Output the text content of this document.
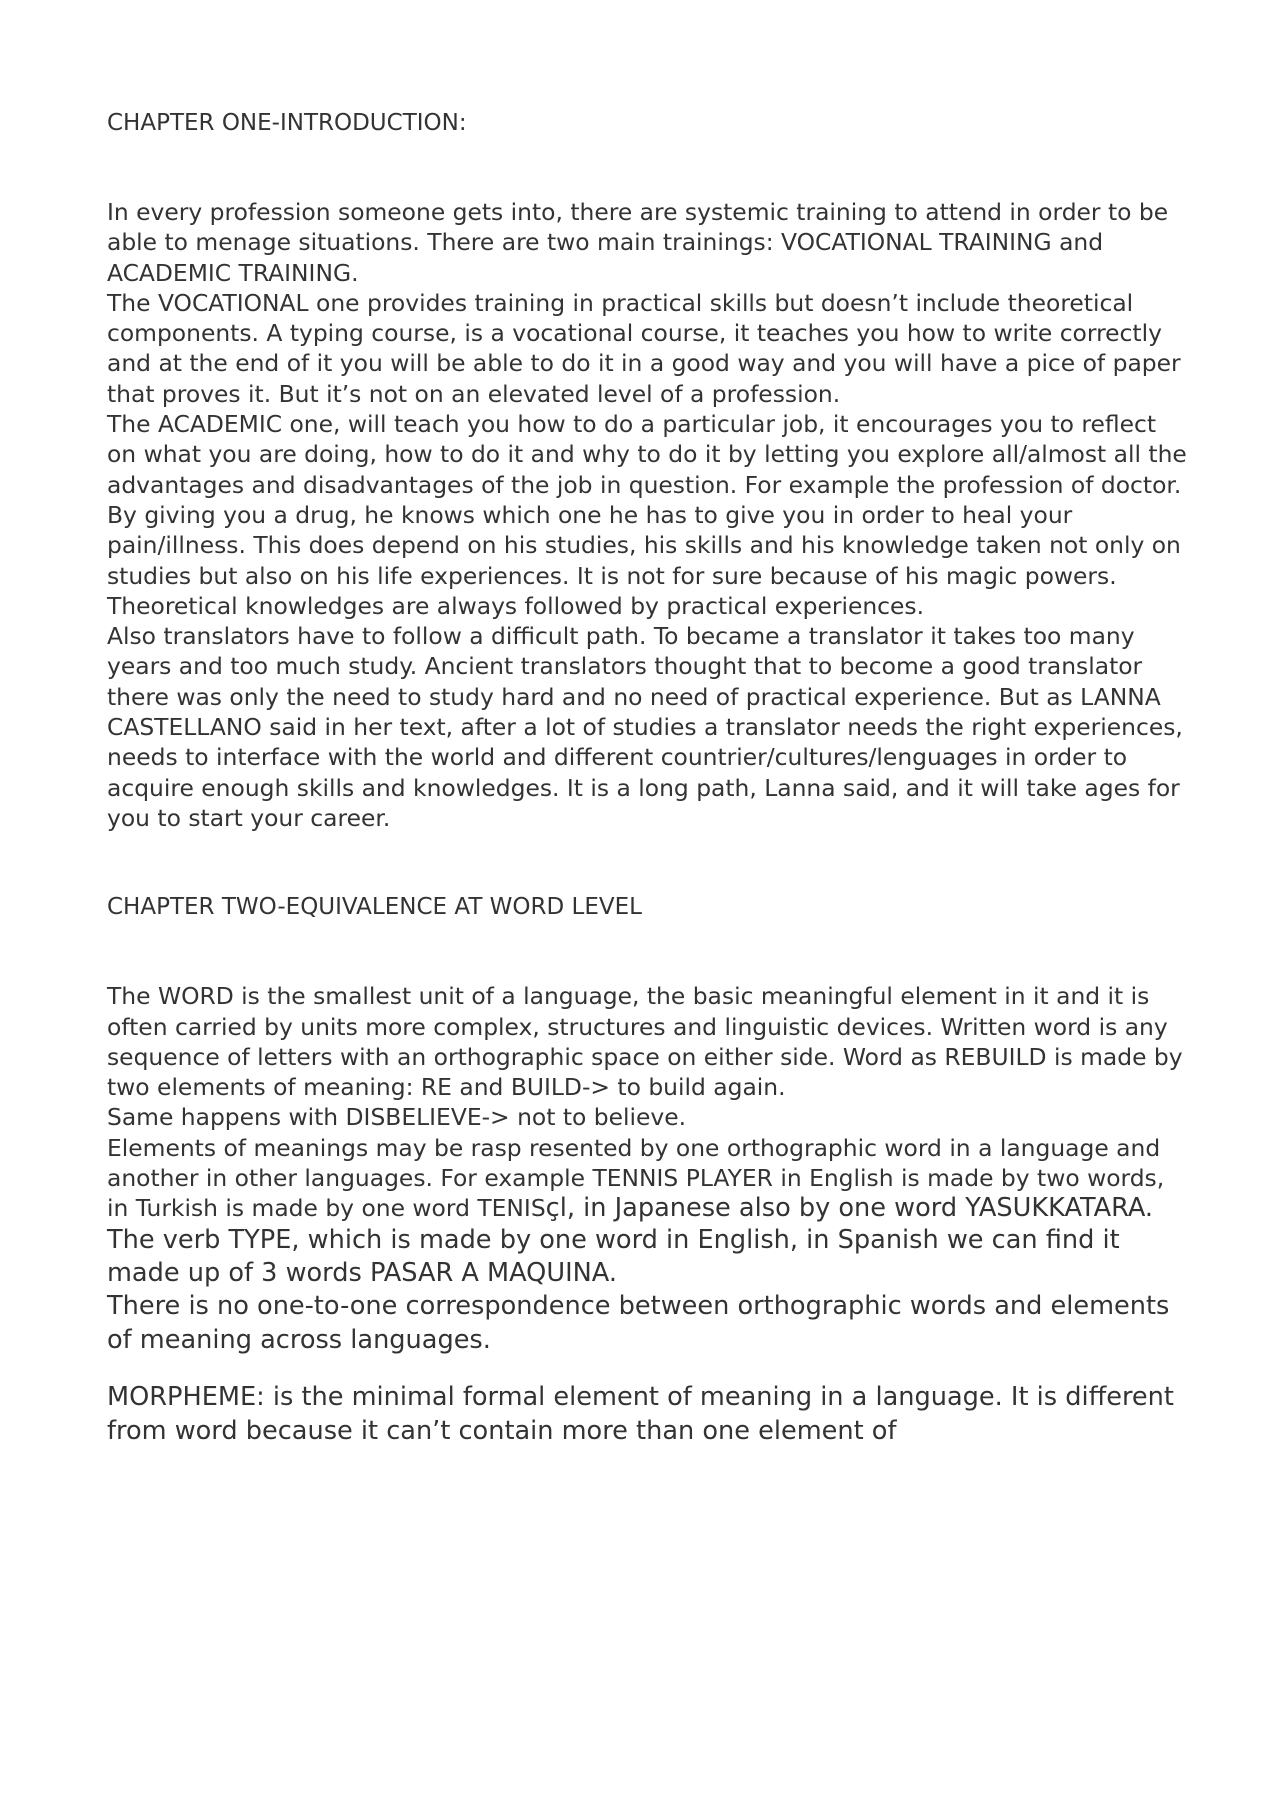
CHAPTER ONE-INTRODUCTION:

In every profession someone gets into, there are systemic training to attend in order to be able to menage situations. There are two main trainings: VOCATIONAL TRAINING and ACADEMIC TRAINING.

The VOCATIONAL one provides training in practical skills but doesn’t include theoretical components. A typing course, is a vocational course, it teaches you how to write correctly and at the end of it you will be able to do it in a good way and you will have a pice of paper that proves it. But it’s not on an elevated level of a profession.

The ACADEMIC one, will teach you how to do a particular job, it encourages you to reflect on what you are doing, how to do it and why to do it by letting you explore all/almost all the advantages and disadvantages of the job in question. For example the profession of doctor. By giving you a drug, he knows which one he has to give you in order to heal your pain/illness. This does depend on his studies, his skills and his knowledge taken not only on studies but also on his life experiences. It is not for sure because of his magic powers. Theoretical knowledges are always followed by practical experiences.

Also translators have to follow a difficult path. To became a translator it takes too many years and too much study. Ancient translators thought that to become a good translator there was only the need to study hard and no need of practical experience. But as LANNA CASTELLANO said in her text, after a lot of studies a translator needs the right experiences, needs to interface with the world and different countrier/cultures/lenguages in order to acquire enough skills and knowledges. It is a long path, Lanna said, and it will take ages for you to start your career.

CHAPTER TWO-EQUIVALENCE AT WORD LEVEL

The WORD is the smallest unit of a language, the basic meaningful element in it and it is often carried by units more complex, structures and linguistic devices. Written word is any sequence of letters with an orthographic space on either side. Word as REBUILD is made by two elements of meaning: RE and BUILD-> to build again.

Same happens with DISBELIEVE-> not to believe.

Elements of meanings may be rasp resented by one orthographic word in a language and another in other languages. For example TENNIS PLAYER in English is made by two words, in Turkish is made by one word TENISçl, in Japanese also by one word YASUKKATARA.

The verb TYPE, which is made by one word in English, in Spanish we can find it made up of 3 words PASAR A MAQUINA.

There is no one-to-one correspondence between orthographic words and elements of meaning across languages.

MORPHEME: is the minimal formal element of meaning in a language. It is different from word because it can’t contain more than one element of
